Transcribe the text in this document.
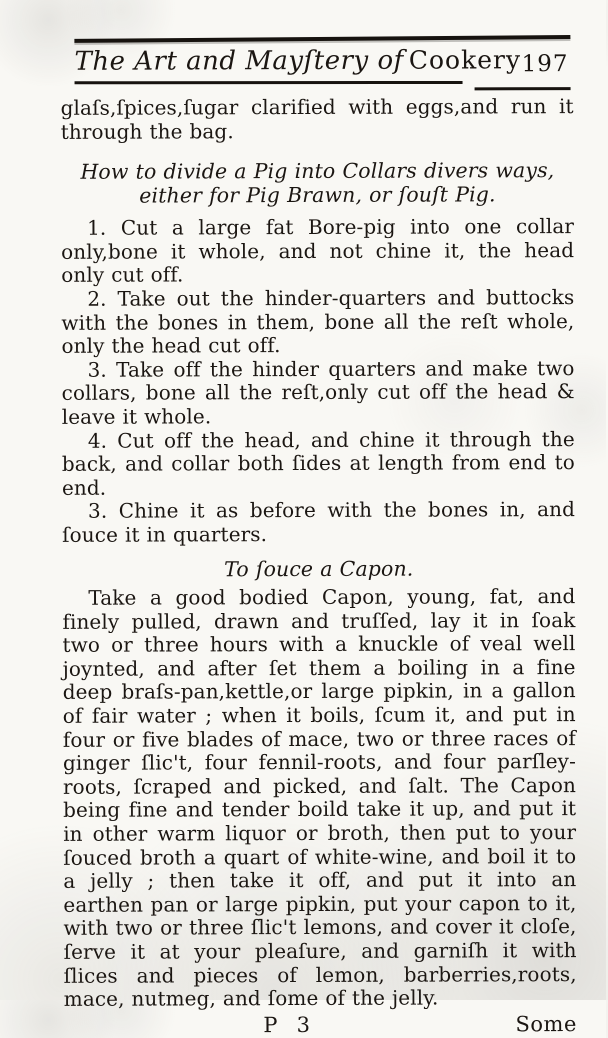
The Art and Mayſtery of Cookery 197

glaſs,ſpices,ſugar clarified with eggs,and run it through the bag.

How to divide a Pig into Collars divers ways, either for Pig Brawn, or ſouſt Pig.

1. Cut a large fat Bore-pig into one collar only,bone it whole, and not chine it, the head only cut off.

2. Take out the hinder-quarters and buttocks with the bones in them, bone all the reſt whole, only the head cut off.

3. Take off the hinder quarters and make two collars, bone all the reſt,only cut off the head & leave it whole.

4. Cut off the head, and chine it through the back, and collar both ſides at length from end to end.

3. Chine it as before with the bones in, and ſouce it in quarters.

To ſouce a Capon.

Take a good bodied Capon, young, fat, and finely pulled, drawn and truſſed, lay it in ſoak two or three hours with a knuckle of veal well joynted, and after ſet them a boiling in a fine deep braſs-pan,kettle,or large pipkin, in a gallon of fair water ; when it boils, ſcum it, and put in four or five blades of mace, two or three races of ginger ſlic't, four fennil-roots, and four parſley-roots, ſcraped and picked, and ſalt. The Capon being fine and tender boild take it up, and put it in other warm liquor or broth, then put to your ſouced broth a quart of white-wine, and boil it to a jelly ; then take it off, and put it into an earthen pan or large pipkin, put your capon to it, with two or three ſlic't lemons, and cover it cloſe, ſerve it at your pleaſure, and garniſh it with ſlices and pieces of lemon, barberries,roots, mace, nutmeg, and ſome of the jelly.

P 3	Some
